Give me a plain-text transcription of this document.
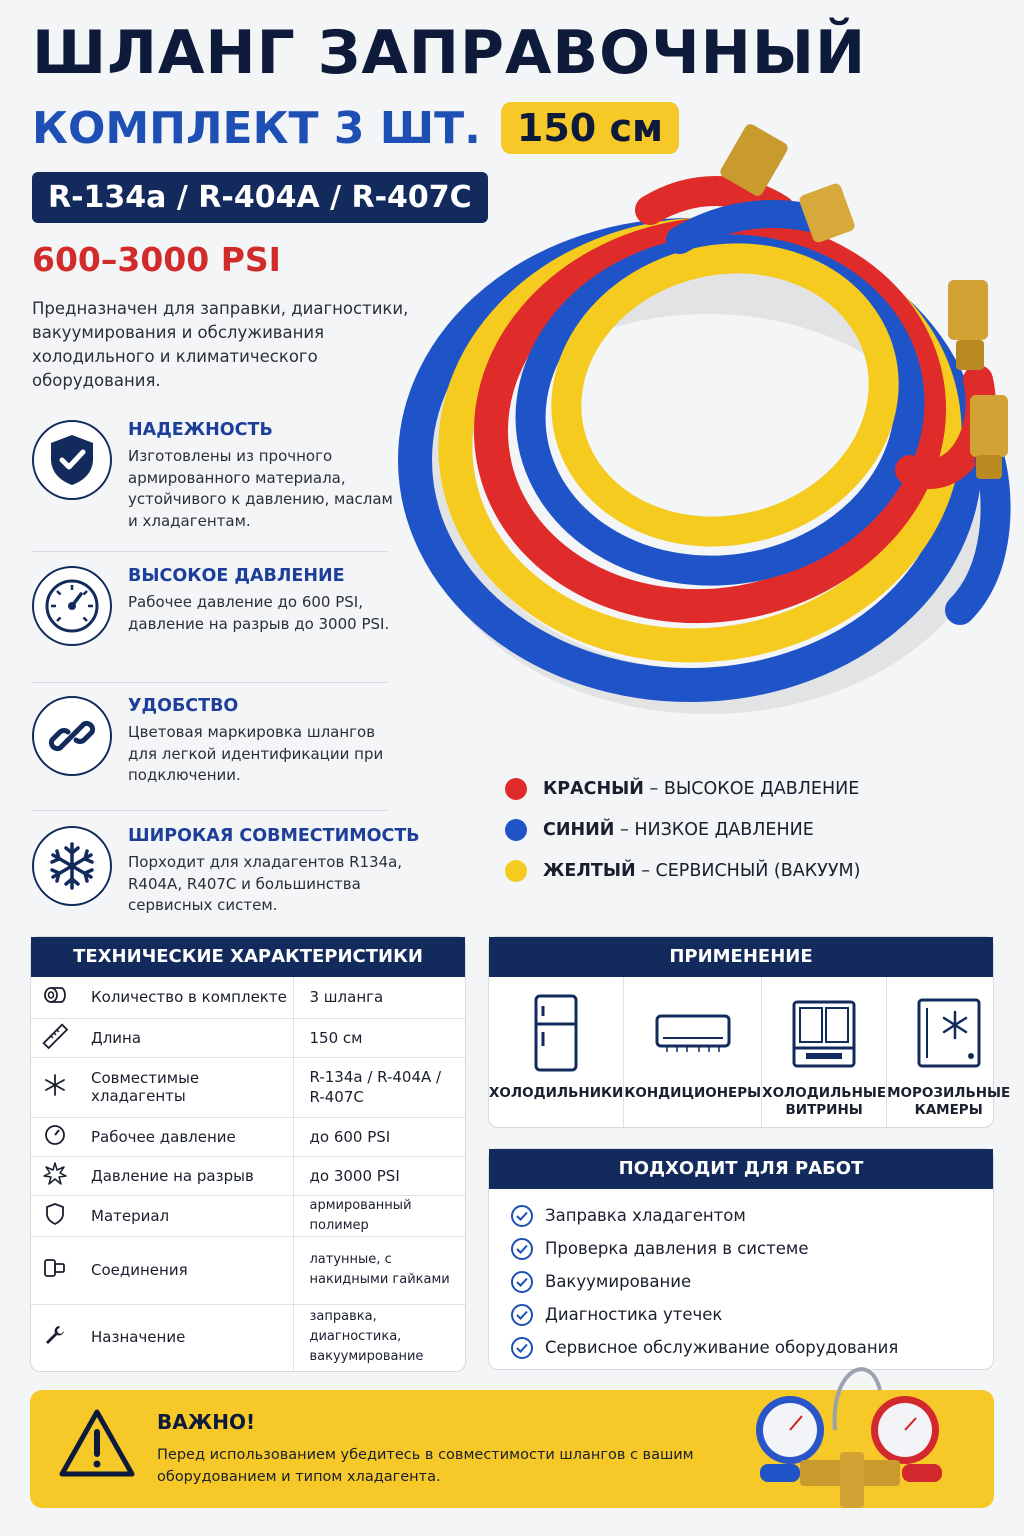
ШЛАНГ ЗАПРАВОЧНЫЙ
КОМПЛЕКТ 3 ШТ. 150 см
R-134a / R-404A / R-407C
600–3000 PSI
Предназначен для заправки, диагностики, вакуумирования и обслуживания холодильного и климатического оборудования.
НАДЕЖНОСТЬ

Изготовлены из прочного армированного материала, устойчивого к давлению, маслам и хладагентам.

ВЫСОКОЕ ДАВЛЕНИЕ

Рабочее давление до 600 PSI, давление на разрыв до 3000 PSI.

УДОБСТВО

Цветовая маркировка шлангов для легкой идентификации при подключении.

ШИРОКАЯ СОВМЕСТИМОСТЬ

Порходит для хладагентов R134a, R404A, R407C и большинства сервисных систем.

КРАСНЫЙ – ВЫСОКОЕ ДАВЛЕНИЕ
СИНИЙ – НИЗКОЕ ДАВЛЕНИЕ
ЖЕЛТЫЙ – СЕРВИСНЫЙ (ВАКУУМ)
ТЕХНИЧЕСКИЕ ХАРАКТЕРИСТИКИ
	Количество в комплекте	3 шланга
	Длина	150 см
	Совместимые хладагенты	R-134a / R-404A / R-407C
	Рабочее давление	до 600 PSI
	Давление на разрыв	до 3000 PSI
	Материал	армированный полимер
	Соединения	латунные, с накидными гайками
	Назначение	заправка, диагностика, вакуумирование
ПРИМЕНЕНИЕ
ХОЛОДИЛЬНИКИ КОНДИЦИОНЕРЫ ХОЛОДИЛЬНЫЕ ВИТРИНЫ
МОРОЗИЛЬНЫЕ КАМЕРЫ
ПОДХОДИТ ДЛЯ РАБОТ
Заправка хладагентом
Проверка давления в системе
Вакуумирование
Диагностика утечек
Сервисное обслуживание оборудования
ВАЖНО!

Перед использованием убедитесь в совместимости шлангов с вашим оборудованием и типом хладагента.
